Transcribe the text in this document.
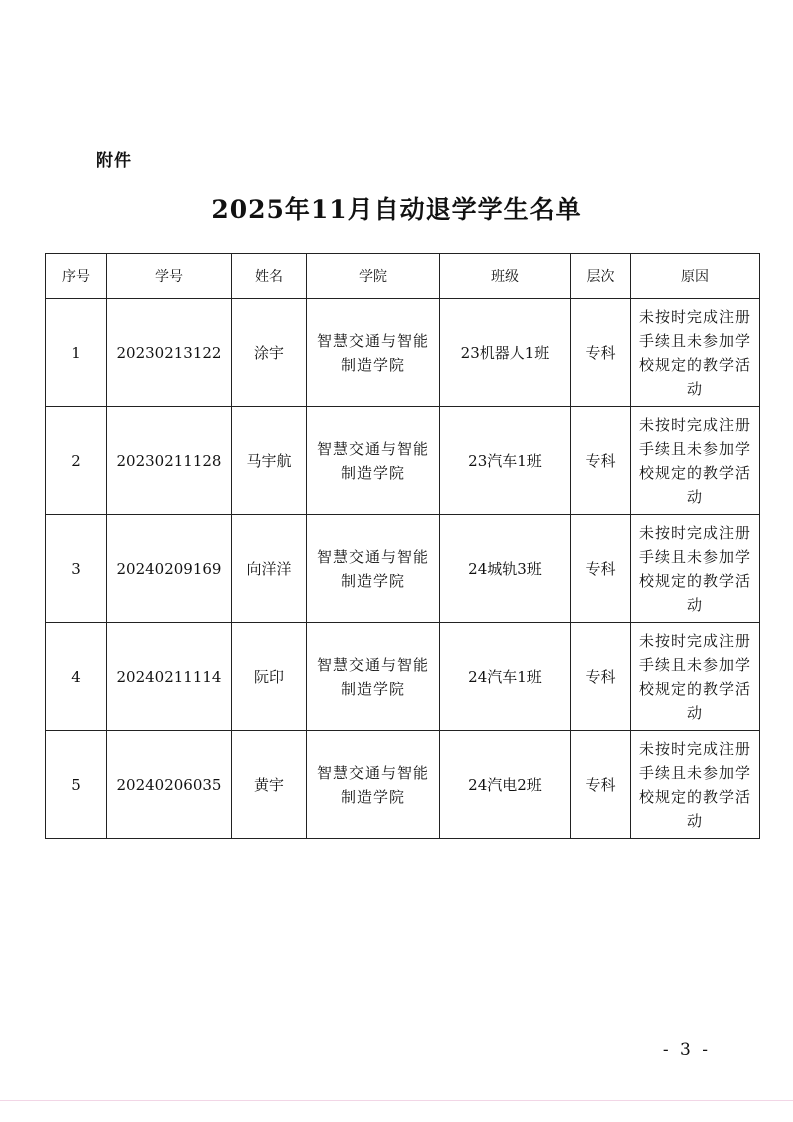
附件
2025年11月自动退学学生名单
序号	学号	姓名	学院	班级	层次	原因
1	20230213122	涂宇	智慧交通与智能制造学院	23机器人1班	专科	未按时完成注册手续且未参加学校规定的教学活动
2	20230211128	马宇航	智慧交通与智能制造学院	23汽车1班	专科	未按时完成注册手续且未参加学校规定的教学活动
3	20240209169	向洋洋	智慧交通与智能制造学院	24城轨3班	专科	未按时完成注册手续且未参加学校规定的教学活动
4	20240211114	阮印	智慧交通与智能制造学院	24汽车1班	专科	未按时完成注册手续且未参加学校规定的教学活动
5	20240206035	黄宇	智慧交通与智能制造学院	24汽电2班	专科	未按时完成注册手续且未参加学校规定的教学活动
- 3 -
